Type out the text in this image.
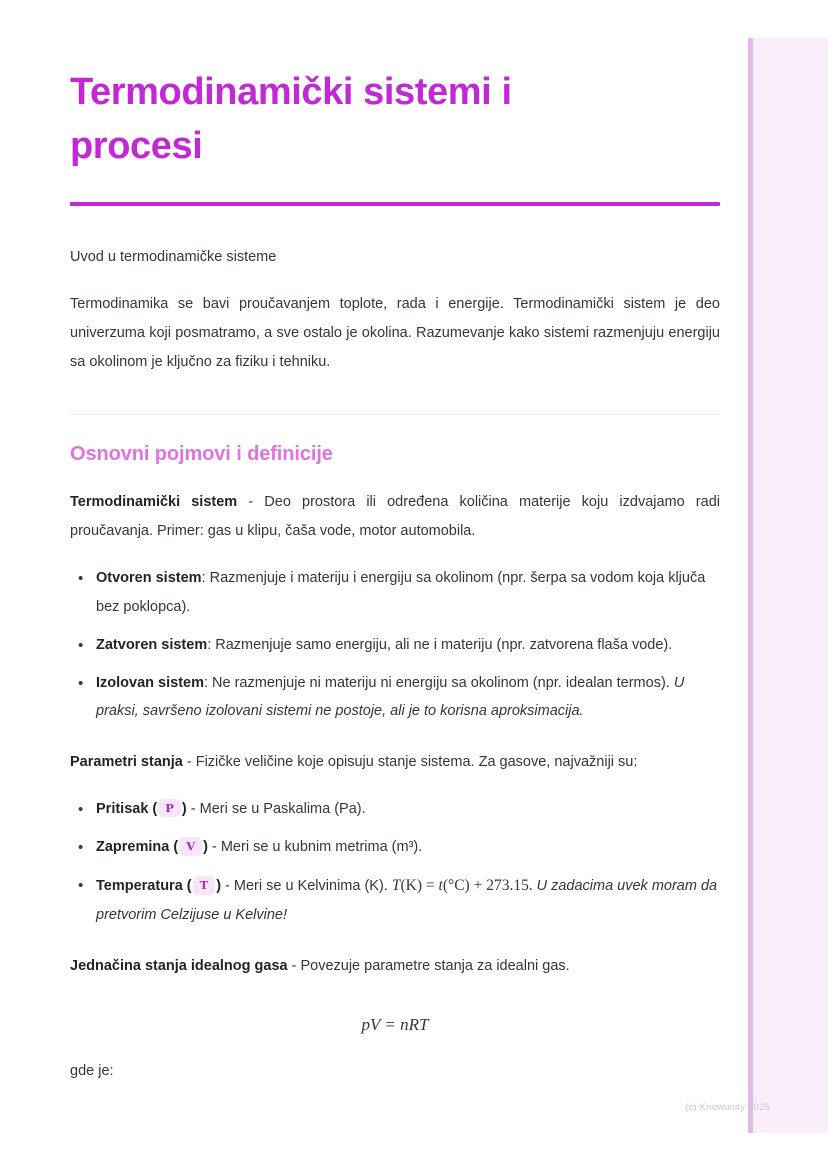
Termodinamički sistemi i procesi

Uvod u termodinamičke sisteme

Termodinamika se bavi proučavanjem toplote, rada i energije. Termodinamički sistem je deo univerzuma koji posmatramo, a sve ostalo je okolina. Razumevanje kako sistemi razmenjuju energiju sa okolinom je ključno za fiziku i tehniku.

Osnovni pojmovi i definicije

Termodinamički sistem - Deo prostora ili određena količina materije koju izdvajamo radi proučavanja. Primer: gas u klipu, čaša vode, motor automobila.

• Otvoren sistem: Razmenjuje i materiju i energiju sa okolinom (npr. šerpa sa vodom koja ključa bez poklopca).
• Zatvoren sistem: Razmenjuje samo energiju, ali ne i materiju (npr. zatvorena flaša vode).
• Izolovan sistem: Ne razmenjuje ni materiju ni energiju sa okolinom (npr. idealan termos). U praksi, savršeno izolovani sistemi ne postoje, ali je to korisna aproksimacija.

Parametri stanja - Fizičke veličine koje opisuju stanje sistema. Za gasove, najvažniji su:

• Pritisak ( P ) - Meri se u Paskalima (Pa).
• Zapremina ( V ) - Meri se u kubnim metrima (m³).
• Temperatura ( T ) - Meri se u Kelvinima (K). T(K) = t(°C) + 273.15. U zadacima uvek moram da pretvorim Celzijuse u Kelvine!

Jednačina stanja idealnog gasa - Povezuje parametre stanja za idealni gas.

pV = nRT

gde je:

(c) Knowunity 2025
